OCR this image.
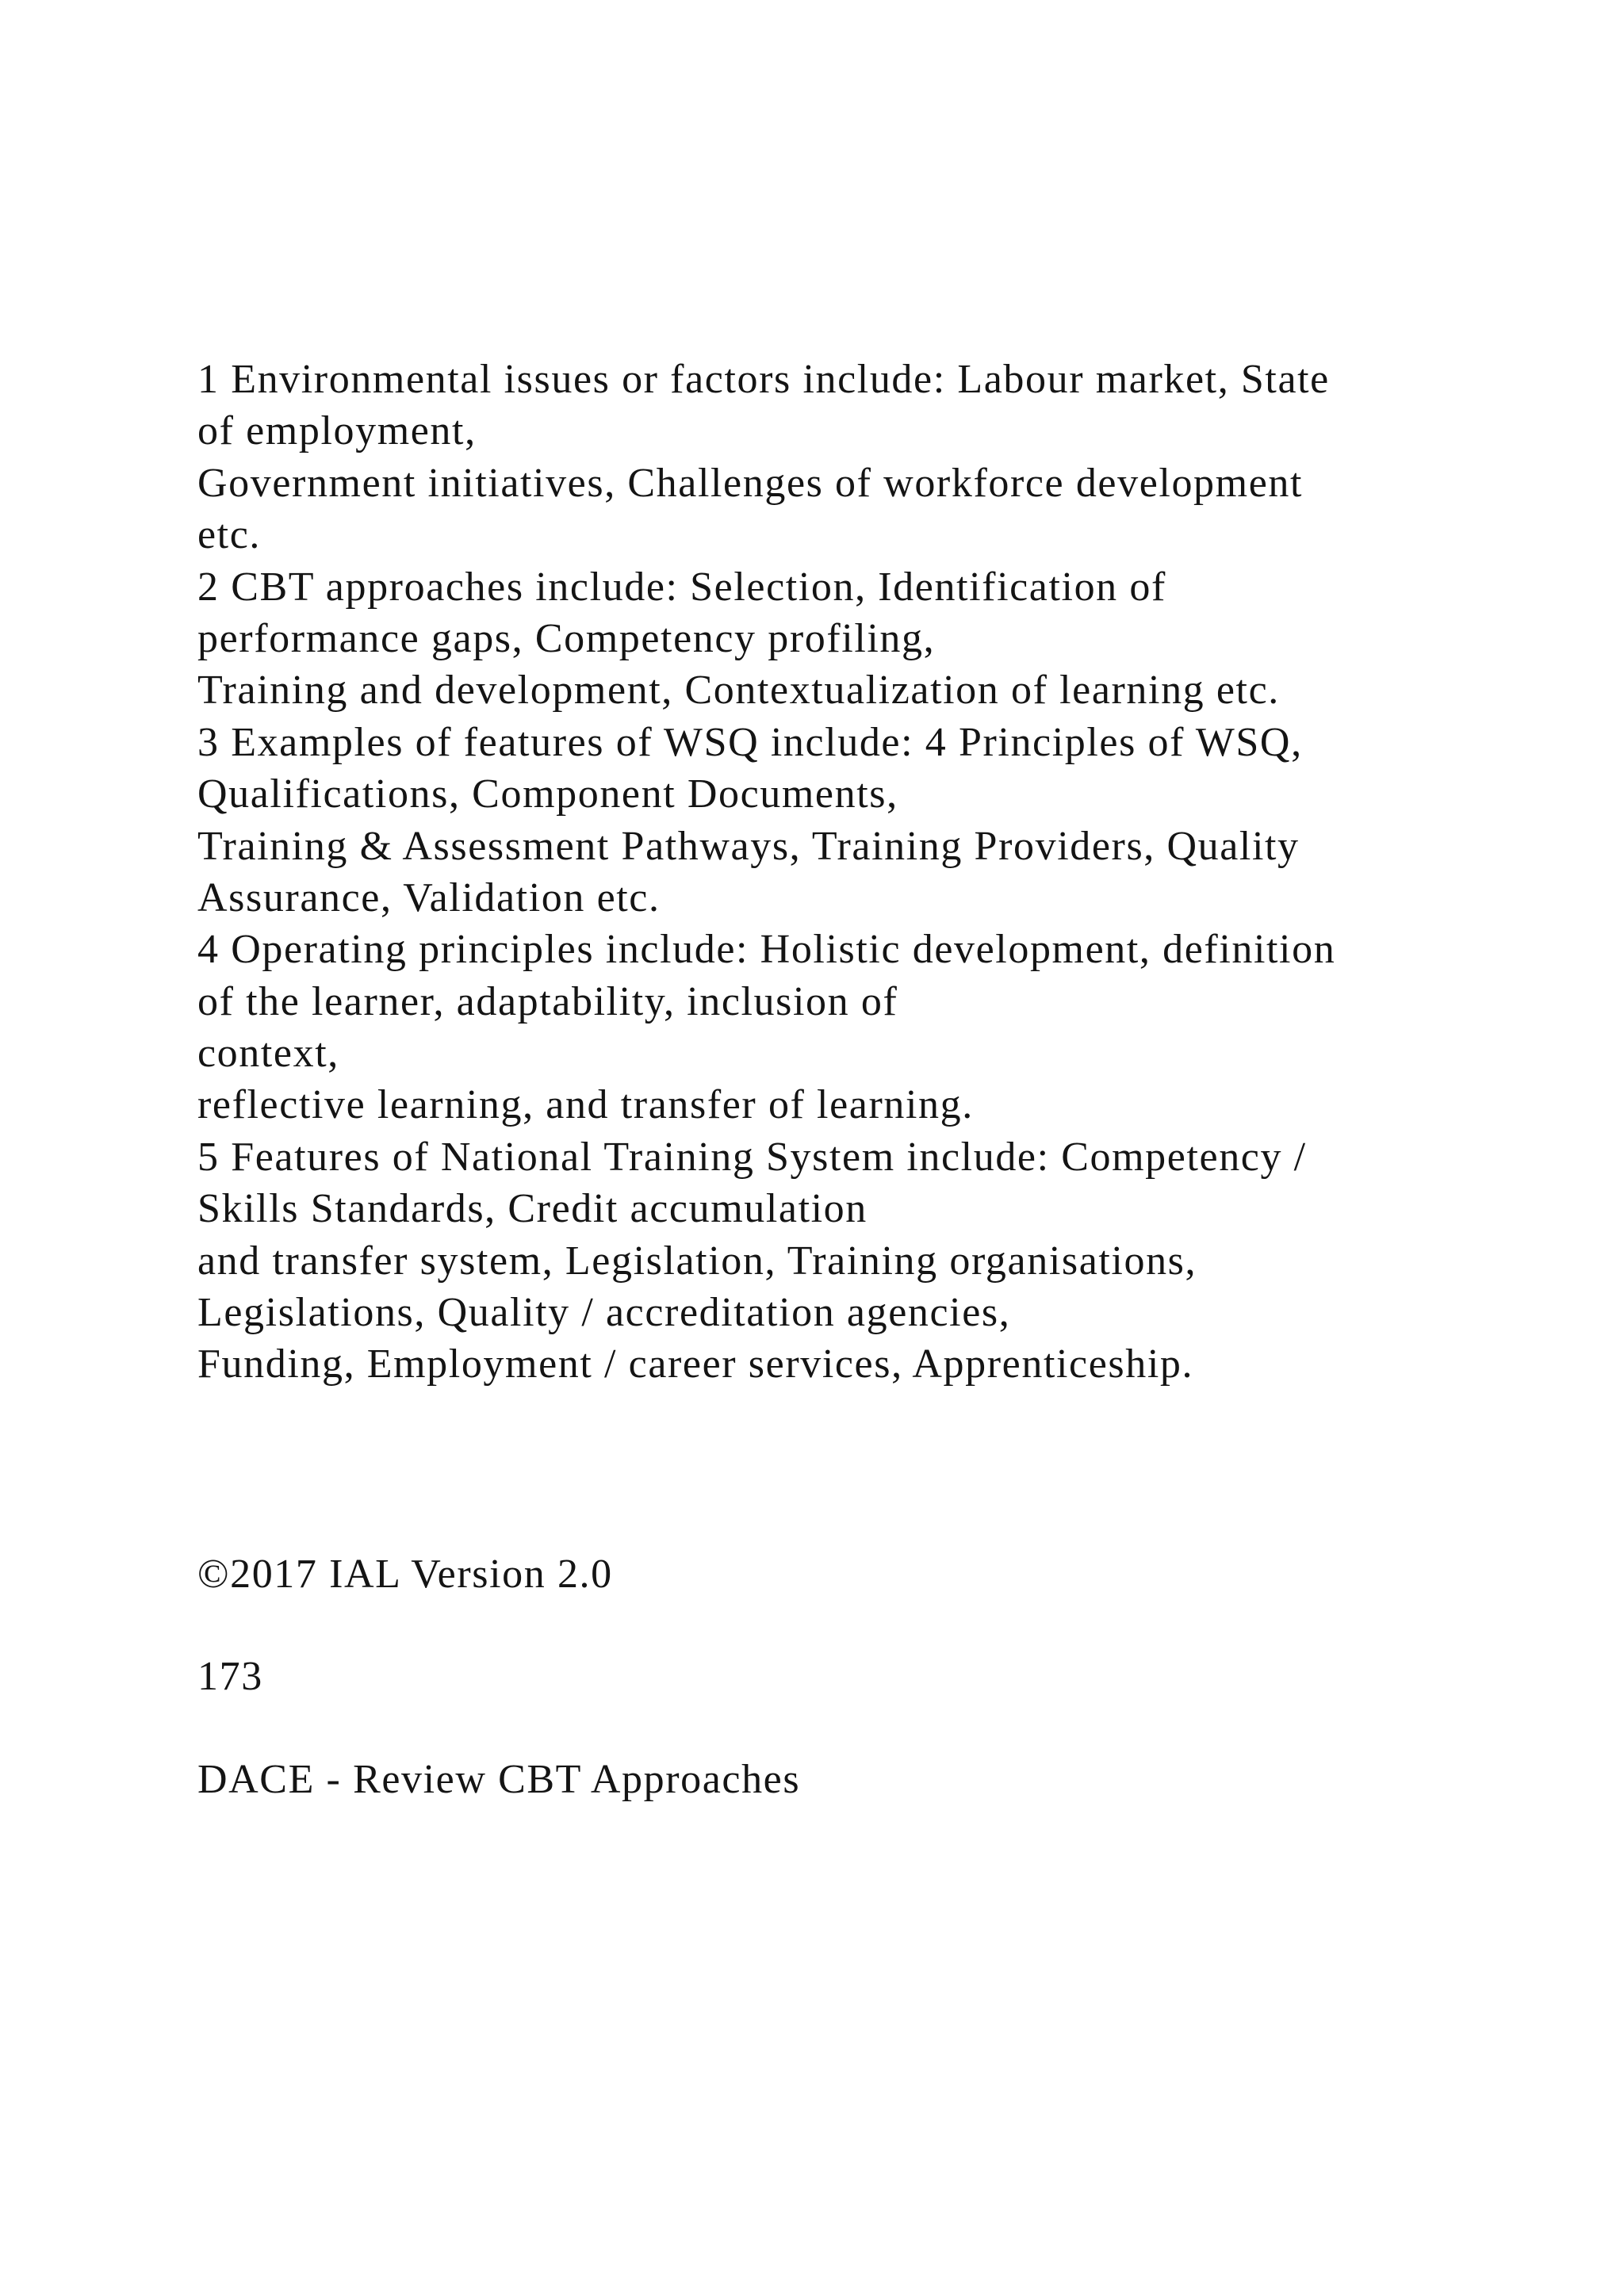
1 Environmental issues or factors include: Labour market, State
of employment,
Government initiatives, Challenges of workforce development
etc.
2 CBT approaches include: Selection, Identification of
performance gaps, Competency profiling,
Training and development, Contextualization of learning etc.
3 Examples of features of WSQ include: 4 Principles of WSQ,
Qualifications, Component Documents,
Training & Assessment Pathways, Training Providers, Quality
Assurance, Validation etc.
4 Operating principles include: Holistic development, definition
of the learner, adaptability, inclusion of
context,
reflective learning, and transfer of learning.
5 Features of National Training System include: Competency /
Skills Standards, Credit accumulation
and transfer system, Legislation, Training organisations,
Legislations, Quality / accreditation agencies,
Funding, Employment / career services, Apprenticeship.
©2017 IAL Version 2.0
173
DACE - Review CBT Approaches
